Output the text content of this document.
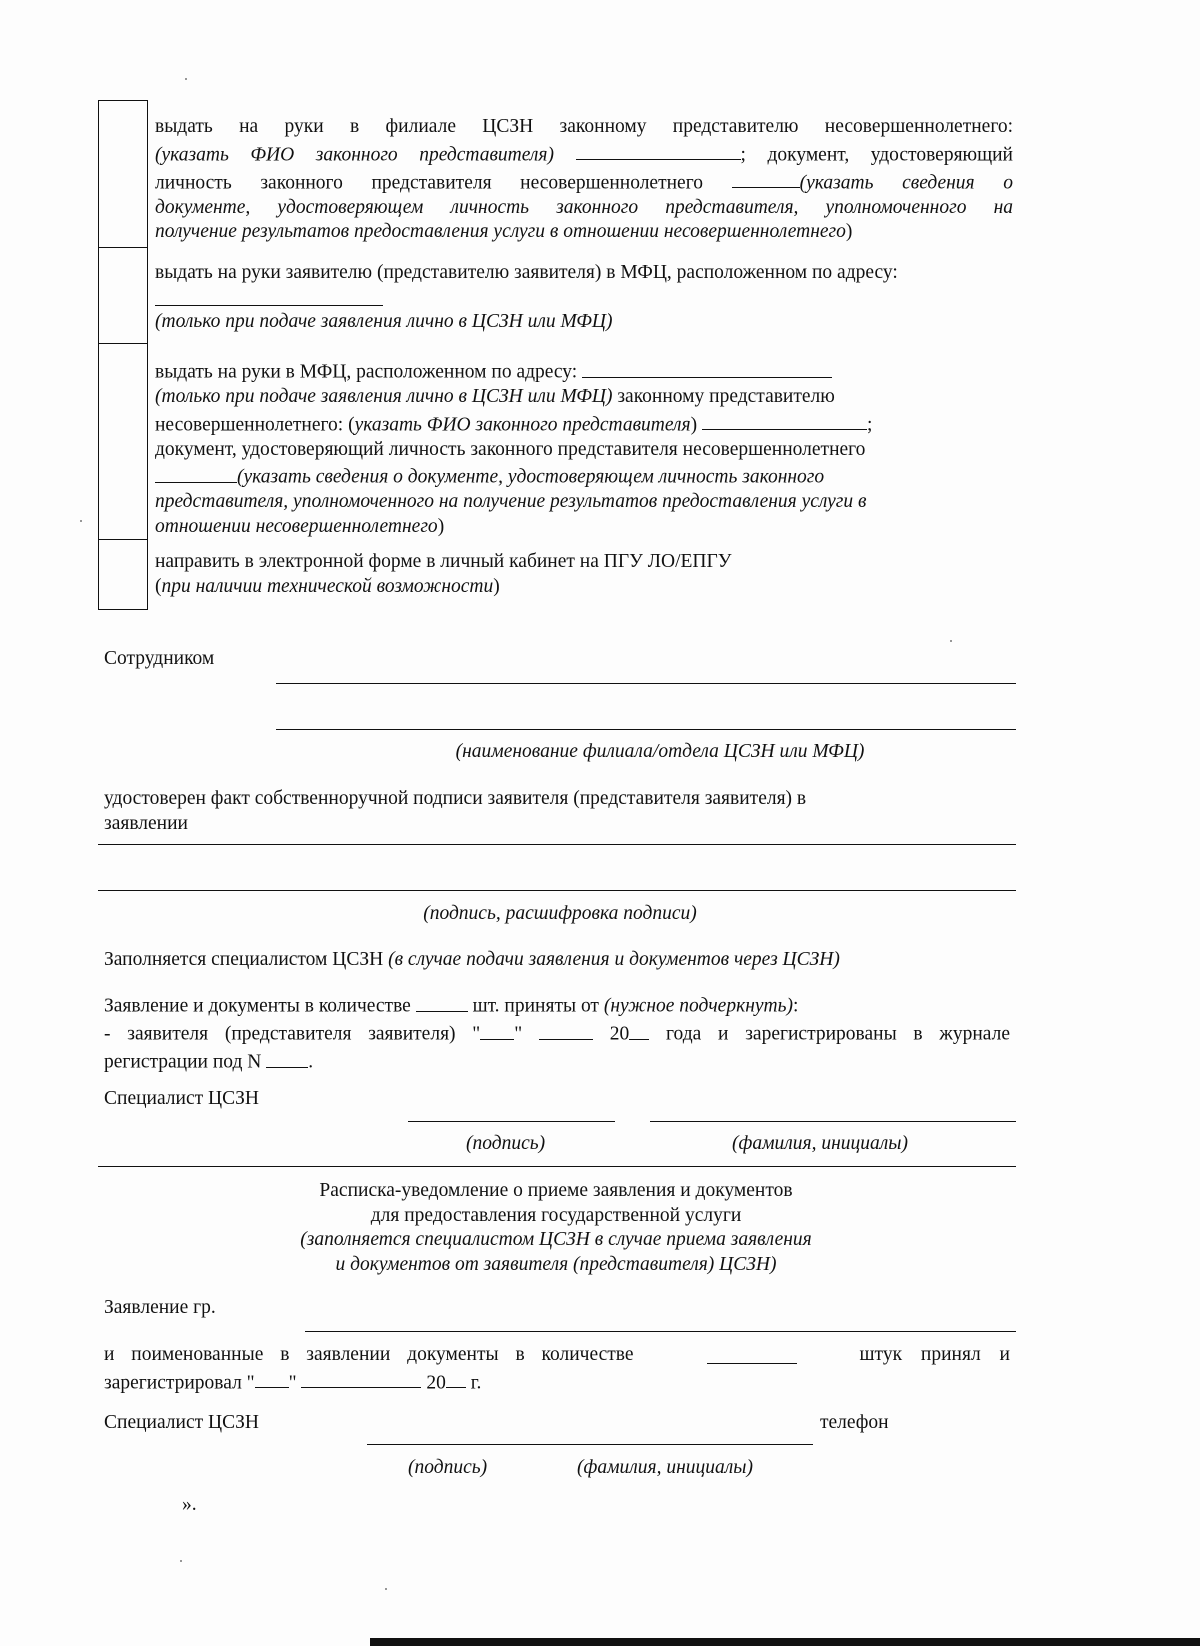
выдать на руки в филиале ЦСЗН законному представителю несовершеннолетнего:
(указать ФИО законного представителя)	; документ, удостоверяющий
личность законного представителя несовершеннолетнего	(указать сведения о
документе, удостоверяющем личность законного представителя, уполномоченного на
получение результатов предоставления услуги в отношении несовершеннолетнего)
выдать на руки заявителю (представителю заявителя) в МФЦ, расположенном по адресу:
(только при подаче заявления лично в ЦСЗН или МФЦ)
выдать на руки в МФЦ, расположенном по адресу:
(только при подаче заявления лично в ЦСЗН или МФЦ) законному представителю
несовершеннолетнего: (указать ФИО законного представителя)	;
документ, удостоверяющий личность законного представителя несовершеннолетнего
(указать сведения о документе, удостоверяющем личность законного
представителя, уполномоченного на получение результатов предоставления услуги в
отношении несовершеннолетнего)
направить в электронной форме в личный кабинет на ПГУ ЛО/ЕПГУ
(при наличии технической возможности)
Сотрудником
(наименование филиала/отдела ЦСЗН или МФЦ)
удостоверен факт собственноручной подписи заявителя (представителя заявителя) в
заявлении
(подпись, расшифровка подписи)
Заполняется специалистом ЦСЗН (в случае подачи заявления и документов через ЦСЗН)
Заявление и документы в количестве	шт. приняты от (нужное подчеркнуть):
- заявителя (представителя заявителя) " "	20 года и зарегистрированы в журнале
регистрации под N .
Специалист ЦСЗН
(подпись)	(фамилия, инициалы)
Расписка-уведомление о приеме заявления и документов
для предоставления государственной услуги
(заполняется специалистом ЦСЗН в случае приема заявления
и документов от заявителя (представителя) ЦСЗН)
Заявление гр.
и поименованные в заявлении документы в количестве	штук принял и
зарегистрировал " "	20 г.
Специалист ЦСЗН	телефон
(подпись)	(фамилия, инициалы)
».
